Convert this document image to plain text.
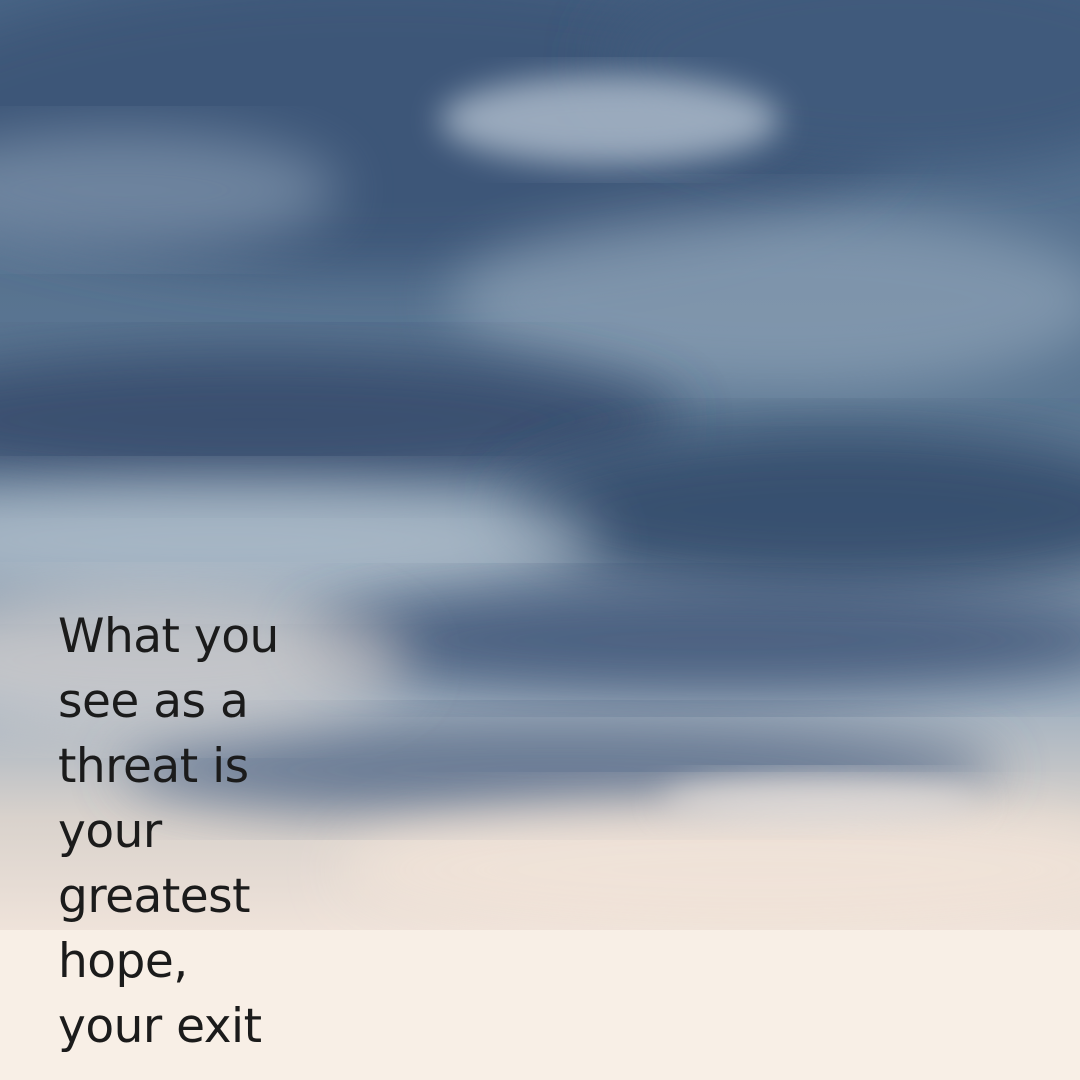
What you
see as a
threat is
your
greatest
hope,
your exit
